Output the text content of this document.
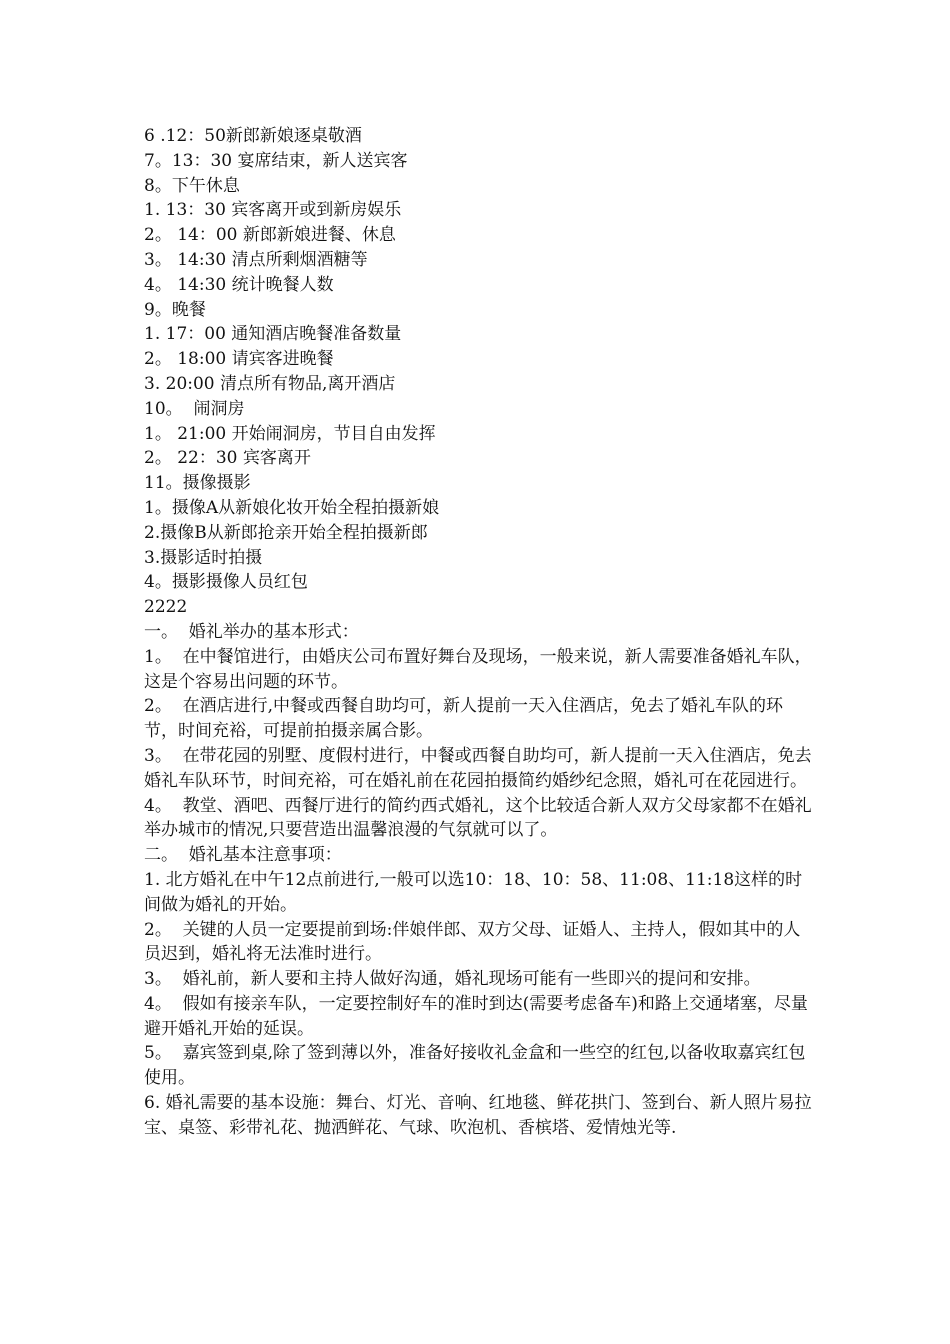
6 .12：50新郎新娘逐桌敬酒

7。13：30 宴席结束，新人送宾客

8。下午休息

1. 13：30 宾客离开或到新房娱乐

2。 14：00 新郎新娘进餐、休息

3。 14:30 清点所剩烟酒糖等

4。 14:30 统计晚餐人数

9。晚餐

1. 17：00 通知酒店晚餐准备数量

2。 18:00 请宾客进晚餐

3. 20:00 清点所有物品,离开酒店

10。  闹洞房

1。 21:00 开始闹洞房，节目自由发挥

2。 22：30 宾客离开

11。摄像摄影

1。摄像A从新娘化妆开始全程拍摄新娘

2.摄像B从新郎抢亲开始全程拍摄新郎

3.摄影适时拍摄

4。摄影摄像人员红包

2222

一。  婚礼举办的基本形式：

1。  在中餐馆进行，由婚庆公司布置好舞台及现场，一般来说，新人需要准备婚礼车队，这是个容易出问题的环节。

2。  在酒店进行,中餐或西餐自助均可，新人提前一天入住酒店，免去了婚礼车队的环节，时间充裕，可提前拍摄亲属合影。

3。  在带花园的别墅、度假村进行，中餐或西餐自助均可，新人提前一天入住酒店，免去婚礼车队环节，时间充裕，可在婚礼前在花园拍摄简约婚纱纪念照，婚礼可在花园进行。

4。  教堂、酒吧、西餐厅进行的简约西式婚礼，这个比较适合新人双方父母家都不在婚礼举办城市的情况,只要营造出温馨浪漫的气氛就可以了。

二。  婚礼基本注意事项：

1. 北方婚礼在中午12点前进行,一般可以选10：18、10：58、11:08、11:18这样的时间做为婚礼的开始。

2。  关键的人员一定要提前到场:伴娘伴郎、双方父母、证婚人、主持人，假如其中的人员迟到，婚礼将无法准时进行。

3。  婚礼前，新人要和主持人做好沟通，婚礼现场可能有一些即兴的提问和安排。

4。  假如有接亲车队，一定要控制好车的准时到达(需要考虑备车)和路上交通堵塞，尽量避开婚礼开始的延误。

5。  嘉宾签到桌,除了签到薄以外，准备好接收礼金盒和一些空的红包,以备收取嘉宾红包使用。

6. 婚礼需要的基本设施：舞台、灯光、音响、红地毯、鲜花拱门、签到台、新人照片易拉宝、桌签、彩带礼花、抛洒鲜花、气球、吹泡机、香槟塔、爱情烛光等.
